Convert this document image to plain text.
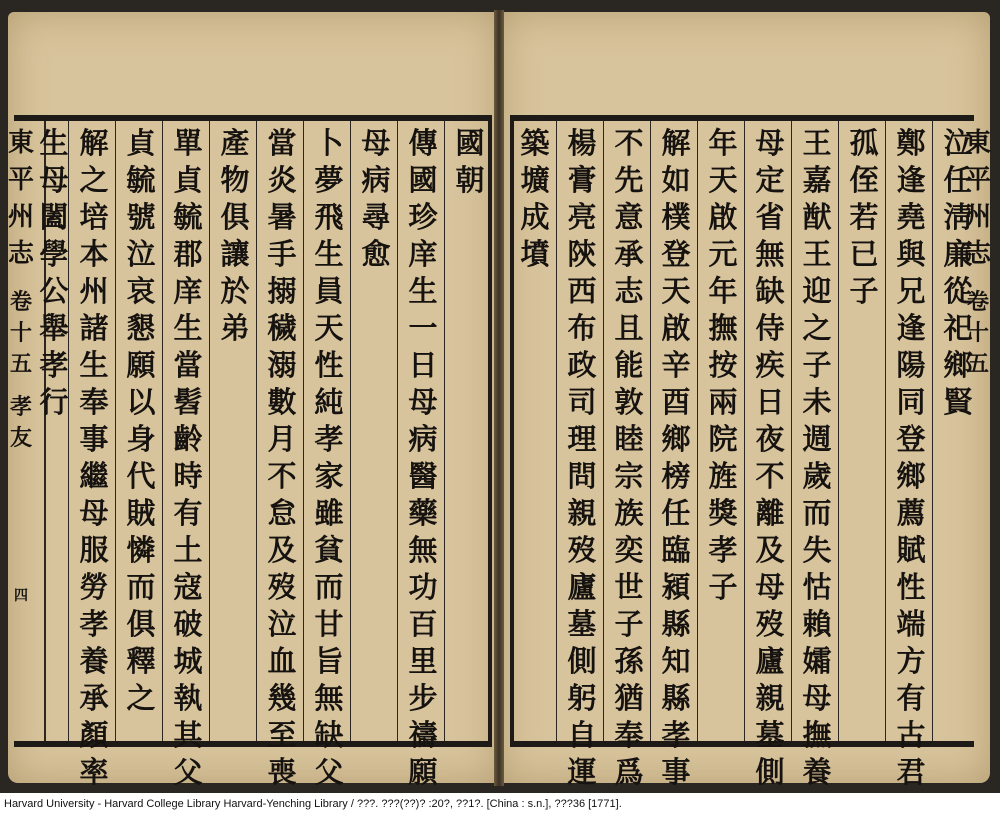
國
朝
傳
國
珍
庠
生
一
日
母
病
醫
藥
無
功
百
里
步
禱
願
母
病
尋
愈
卜
夢
飛
生
員
天
性
純
孝
家
雖
貧
而
甘
旨
無
缺
父
當
炎
暑
手
搦
穢
溺
數
月
不
怠
及
歿
泣
血
幾
至
喪
產
物
俱
讓
於
弟
單
貞
毓
郡
庠
生
當
髫
齡
時
有
土
寇
破
城
執
其
父
貞
毓
號
泣
哀
懇
願
以
身
代
賊
憐
而
俱
釋
之
解
之
培
本
州
諸
生
奉
事
繼
母
服
勞
孝
養
承
顏
率
生
母
闔
學
公
舉
孝
行
東
平
州
志
卷
十
五
孝
友
四
泣
任
淸
廉
從
祀
鄉
賢
鄭
逢
堯
與
兄
逢
陽
同
登
鄉
薦
賦
性
端
方
有
古
君
孤
侄
若
已
子
王
嘉
猷
王
迎
之
子
未
週
歲
而
失
怙
賴
孀
母
撫
養
母
定
省
無
缺
侍
疾
日
夜
不
離
及
母
歿
廬
親
墓
側
年
天
啟
元
年
撫
按
兩
院
旌
獎
孝
子
解
如
樸
登
天
啟
辛
酉
鄉
榜
任
臨
潁
縣
知
縣
孝
事
不
先
意
承
志
且
能
敦
睦
宗
族
奕
世
子
孫
猶
奉
爲
楊
膏
亮
陝
西
布
政
司
理
問
親
歿
廬
墓
側
躬
自
運
築
壙
成
墳
東
平
州
志
卷
十
五
Harvard University - Harvard College Library Harvard-Yenching Library / ???. ???(??)? :20?, ??1?. [China : s.n.], ???36 [1771].
